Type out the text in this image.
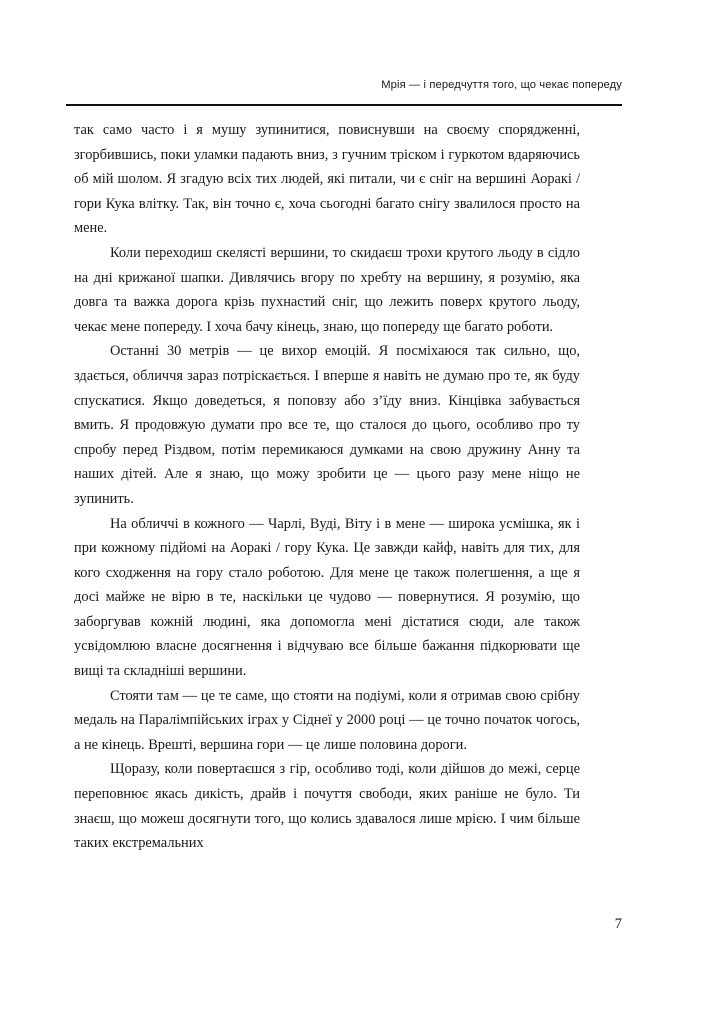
Мрія — і передчуття того, що чекає попереду

так само часто і я мушу зупинитися, повиснувши на своєму спорядженні, згорбившись, поки уламки падають вниз, з гучним тріском і гуркотом вдаряючись об мій шолом. Я згадую всіх тих людей, які питали, чи є сніг на вершині Аоракі / гори Кука влітку. Так, він точно є, хоча сьогодні багато снігу звалилося просто на мене.

Коли переходиш скелясті вершини, то скидаєш трохи крутого льоду в сідло на дні крижаної шапки. Дивлячись вгору по хребту на вершину, я розумію, яка довга та важка дорога крізь пухнастий сніг, що лежить поверх крутого льоду, чекає мене попереду. І хоча бачу кінець, знаю, що попереду ще багато роботи.

Останні 30 метрів — це вихор емоцій. Я посміхаюся так сильно, що, здається, обличчя зараз потріскається. І вперше я навіть не думаю про те, як буду спускатися. Якщо доведеться, я поповзу або з’їду вниз. Кінцівка забувається вмить. Я продовжую думати про все те, що сталося до цього, особливо про ту спробу перед Різдвом, потім перемикаюся думками на свою дружину Анну та наших дітей. Але я знаю, що можу зробити це — цього разу мене ніщо не зупинить.

На обличчі в кожного — Чарлі, Вуді, Віту і в мене — широка усмішка, як і при кожному підйомі на Аоракі / гору Кука. Це завжди кайф, навіть для тих, для кого сходження на гору стало роботою. Для мене це також полегшення, а ще я досі майже не вірю в те, наскільки це чудово — повернутися. Я розумію, що заборгував кожній людині, яка допомогла мені дістатися сюди, але також усвідомлюю власне досягнення і відчуваю все більше бажання підкорювати ще вищі та складніші вершини.

Стояти там — це те саме, що стояти на подіумі, коли я отримав свою срібну медаль на Паралімпійських іграх у Сіднеї у 2000 році — це точно початок чогось, а не кінець. Врешті, вершина гори — це лише половина дороги.

Щоразу, коли повертаєшся з гір, особливо тоді, коли дійшов до межі, серце переповнює якась дикість, драйв і почуття свободи, яких раніше не було. Ти знаєш, що можеш досягнути того, що колись здавалося лише мрією. І чим більше таких екстремальних

7
